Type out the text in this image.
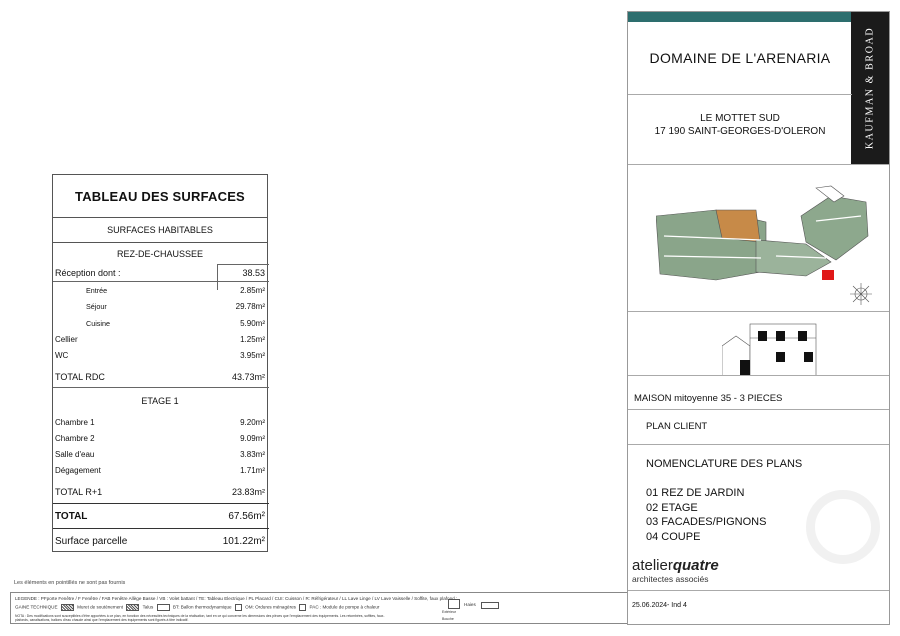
TABLEAU DES SURFACES
SURFACES HABITABLES
REZ-DE-CHAUSSEE
Réception dont :	38.53
Entrée	2.85m²
Séjour	29.78m²
Cuisine	5.90m²
Cellier	1.25m²
WC	3.95m²
TOTAL RDC	43.73m²
ETAGE 1
Chambre 1	9.20m²
Chambre 2	9.09m²
Salle d'eau	3.83m²
Dégagement	1.71m²
TOTAL R+1	23.83m²
TOTAL	67.56m²
Surface parcelle	101.22m²
Les éléments en pointillés ne sont pas fournis
LEGENDE : PFporte Fenêtre / F Fenêtre / FAB Fenêtre Allège Basse / VB : Volet battant / TE: Tableau Electrique / PL Placard / CUI: Cuisson / R: Réfrigérateur / LL Lave Linge / LV Lave Vaisselle / Soffite, faux plafond :
GAINE TECHNIQUE	Muret de soutènement	Talus	BT: Ballon thermodynamique	OM: Ordures ménagères	PAC : Module de pompe à chaleur
NOTA : Des modifications sont susceptibles d'être apportées à ce plan, en fonction des nécessités techniques de la réalisation, tant en ce qui concerne les dimensions des pièces que l'emplacement des équipements. Les retombées, soffites, faux-plafonds, canalisations, ballons d'eau chaude ainsi que l'emplacement des équipements sont figurés à titre indicatif.
Extérieur
Bouche
Haies
KAUFMAN & BROAD
DOMAINE DE L'ARENARIA
LE MOTTET SUD
17 190 SAINT-GEORGES-D'OLERON
MAISON mitoyenne 35 - 3 PIECES
PLAN CLIENT
NOMENCLATURE DES PLANS
01 REZ DE JARDIN
02 ETAGE
03 FACADES/PIGNONS
04 COUPE
atelierquatre
architectes associés
25.06.2024- Ind 4
